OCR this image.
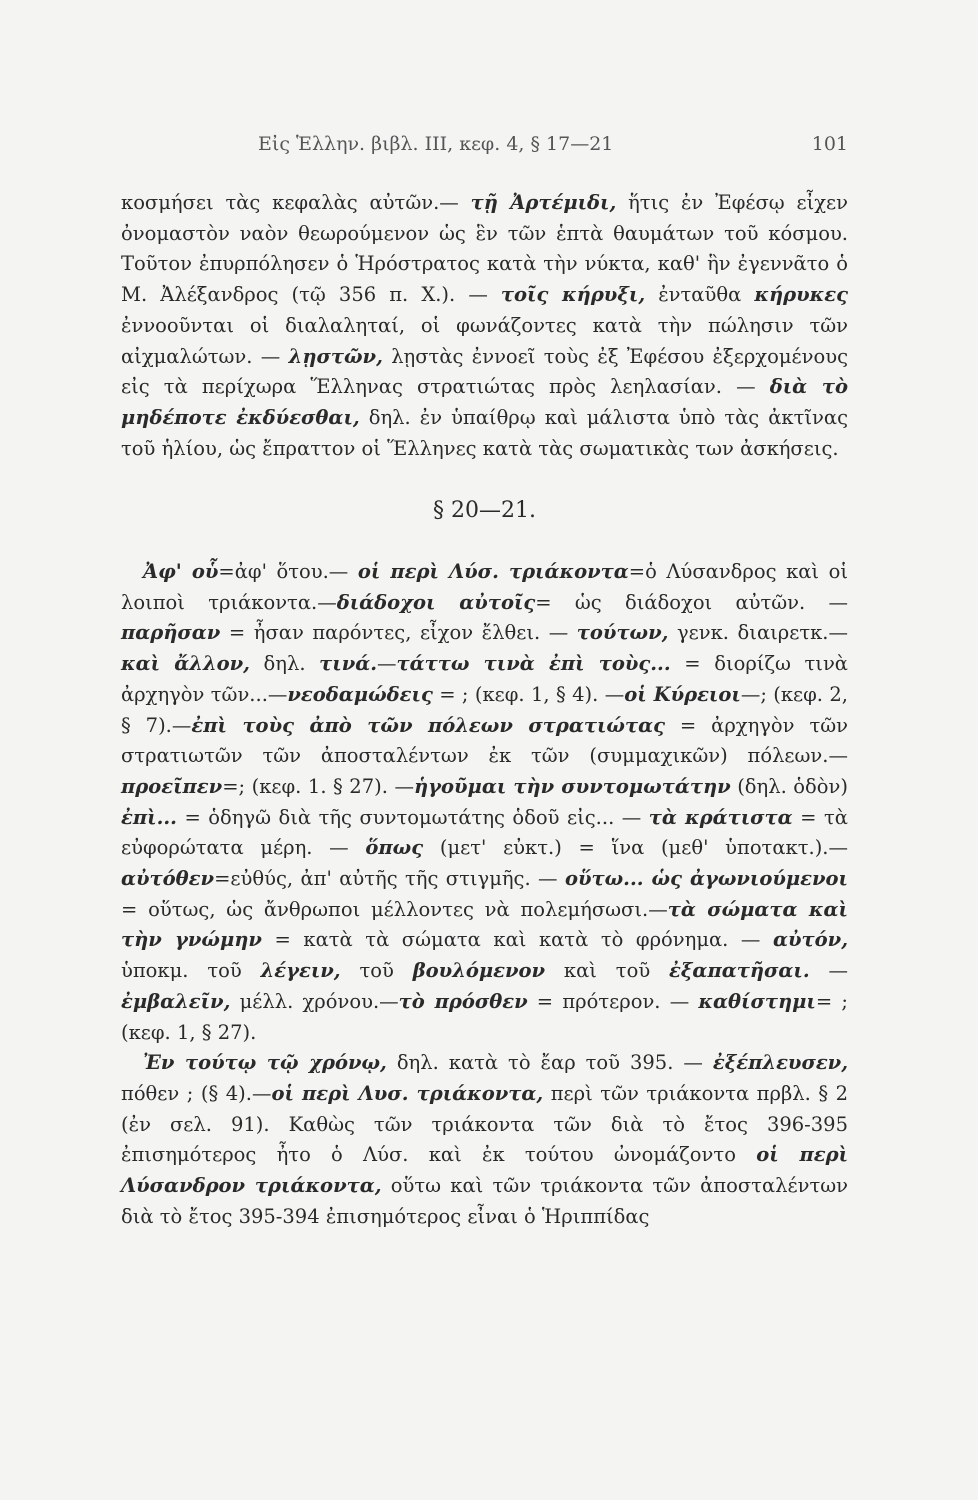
Εἰς Ἑλλην. βιβλ. ΙΙΙ, κεφ. 4, § 17—21	101

κοσμήσει τὰς κεφαλὰς αὐτῶν.— τῇ Ἀρτέμιδι, ἥτις ἐν Ἐφέσῳ εἶχεν ὀνομαστὸν ναὸν θεωρούμενον ὡς ἓν τῶν ἑπτὰ θαυμάτων τοῦ κόσμου. Τοῦτον ἐπυρπόλησεν ὁ Ἡρόστρατος κατὰ τὴν νύκτα, καθ' ἣν ἐγεννᾶτο ὁ Μ. Ἀλέξανδρος (τῷ 356 π. Χ.). — τοῖς κήρυξι, ἐνταῦθα κήρυκες ἐννοοῦνται οἱ διαλαληταί, οἱ φωνάζοντες κατὰ τὴν πώλησιν τῶν αἰχμαλώτων. — λῃστῶν, λῃστὰς ἐννοεῖ τοὺς ἐξ Ἐφέσου ἐξερχομένους εἰς τὰ περίχωρα Ἕλληνας στρατιώτας πρὸς λεηλασίαν. — διὰ τὸ μηδέποτε ἐκδύεσθαι, δηλ. ἐν ὑπαίθρῳ καὶ μάλιστα ὑπὸ τὰς ἀκτῖνας τοῦ ἡλίου, ὡς ἔπραττον οἱ Ἕλληνες κατὰ τὰς σωματικὰς των ἀσκήσεις.

§ 20—21.

Ἀφ' οὗ=ἀφ' ὅτου.— οἱ περὶ Λύσ. τριάκοντα=ὁ Λύσανδρος καὶ οἱ λοιποὶ τριάκοντα.—διάδοχοι αὐτοῖς= ὡς διάδοχοι αὐτῶν. — παρῆσαν = ἦσαν παρόντες, εἶχον ἔλθει. — τούτων, γενκ. διαιρετκ.— καὶ ἄλλον, δηλ. τινά.—τάττω τινὰ ἐπὶ τοὺς... = διορίζω τινὰ ἀρχηγὸν τῶν...—νεοδαμώδεις = ; (κεφ. 1, § 4). —οἱ Κύρειοι—; (κεφ. 2, § 7).—ἐπὶ τοὺς ἀπὸ τῶν πόλεων στρατιώτας = ἀρχηγὸν τῶν στρατιωτῶν τῶν ἀποσταλέντων ἐκ τῶν (συμμαχικῶν) πόλεων.—προεῖπεν=; (κεφ. 1. § 27). —ἡγοῦμαι τὴν συντομωτάτην (δηλ. ὁδὸν) ἐπὶ... = ὁδηγῶ διὰ τῆς συντομωτάτης ὁδοῦ εἰς... — τὰ κράτιστα = τὰ εὐφορώτατα μέρη. — ὅπως (μετ' εὐκτ.) = ἵνα (μεθ' ὑποτακτ.).—αὐτόθεν=εὐθύς, ἀπ' αὐτῆς τῆς στιγμῆς. — οὕτω... ὡς ἀγωνιούμενοι = οὕτως, ὡς ἄνθρωποι μέλλοντες νὰ πολεμήσωσι.—τὰ σώματα καὶ τὴν γνώμην = κατὰ τὰ σώματα καὶ κατὰ τὸ φρόνημα. — αὐτόν, ὑποκμ. τοῦ λέγειν, τοῦ βουλόμενον καὶ τοῦ ἐξαπατῆσαι. — ἐμβαλεῖν, μέλλ. χρόνου.—τὸ πρόσθεν = πρότερον. — καθίστημι= ; (κεφ. 1, § 27).

Ἐν τούτῳ τῷ χρόνῳ, δηλ. κατὰ τὸ ἔαρ τοῦ 395. — ἐξέπλευσεν, πόθεν ; (§ 4).—οἱ περὶ Λυσ. τριάκοντα, περὶ τῶν τριάκοντα πρβλ. § 2 (ἐν σελ. 91). Καθὼς τῶν τριάκοντα τῶν διὰ τὸ ἔτος 396-395 ἐπισημότερος ἦτο ὁ Λύσ. καὶ ἐκ τούτου ὠνομάζοντο οἱ περὶ Λύσανδρον τριάκοντα, οὕτω καὶ τῶν τριάκοντα τῶν ἀποσταλέντων διὰ τὸ ἔτος 395-394 ἐπισημότερος εἶναι ὁ Ἡριππίδας
